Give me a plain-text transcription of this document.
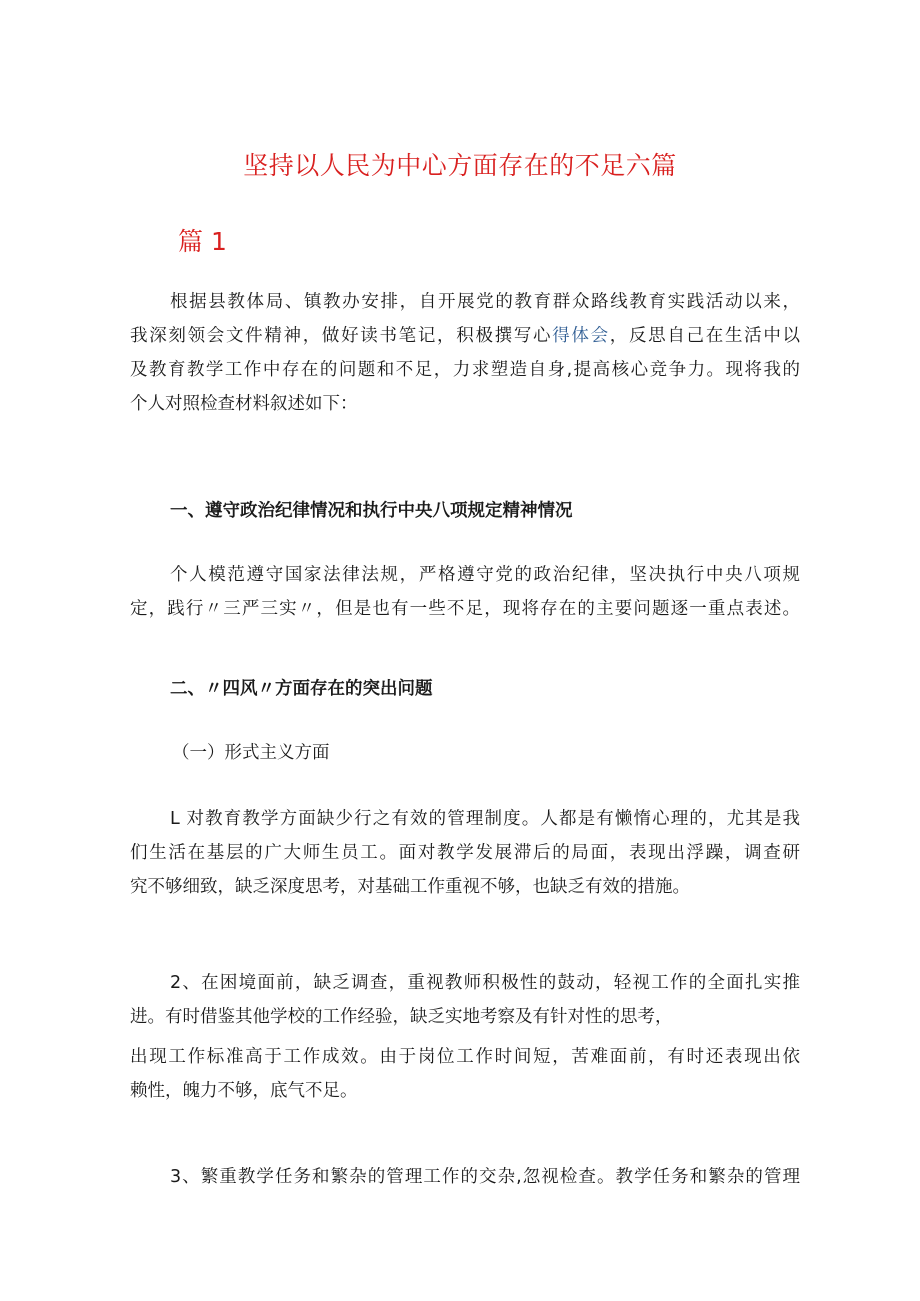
坚持以人民为中心方面存在的不足六篇
篇 1
根据县教体局、镇教办安排，自开展党的教育群众路线教育实践活动以来，
我深刻领会文件精神，做好读书笔记，积极撰写心得体会，反思自己在生活中以
及教育教学工作中存在的问题和不足，力求塑造自身,提高核心竞争力。现将我的
个人对照检查材料叙述如下：
一、遵守政治纪律情况和执行中央八项规定精神情况
个人模范遵守国家法律法规，严格遵守党的政治纪律，坚决执行中央八项规
定，践行〃三严三实〃，但是也有一些不足，现将存在的主要问题逐一重点表述。
二、〃四风〃方面存在的突出问题
（一）形式主义方面
L 对教育教学方面缺少行之有效的管理制度。人都是有懒惰心理的，尤其是我
们生活在基层的广大师生员工。面对教学发展滞后的局面，表现出浮躁，调查研
究不够细致，缺乏深度思考，对基础工作重视不够，也缺乏有效的措施。
2、在困境面前，缺乏调查，重视教师积极性的鼓动，轻视工作的全面扎实推
进。有时借鉴其他学校的工作经验，缺乏实地考察及有针对性的思考，
出现工作标准高于工作成效。由于岗位工作时间短，苦难面前，有时还表现出依
赖性，魄力不够，底气不足。
3、繁重教学任务和繁杂的管理工作的交杂,忽视检查。教学任务和繁杂的管理
